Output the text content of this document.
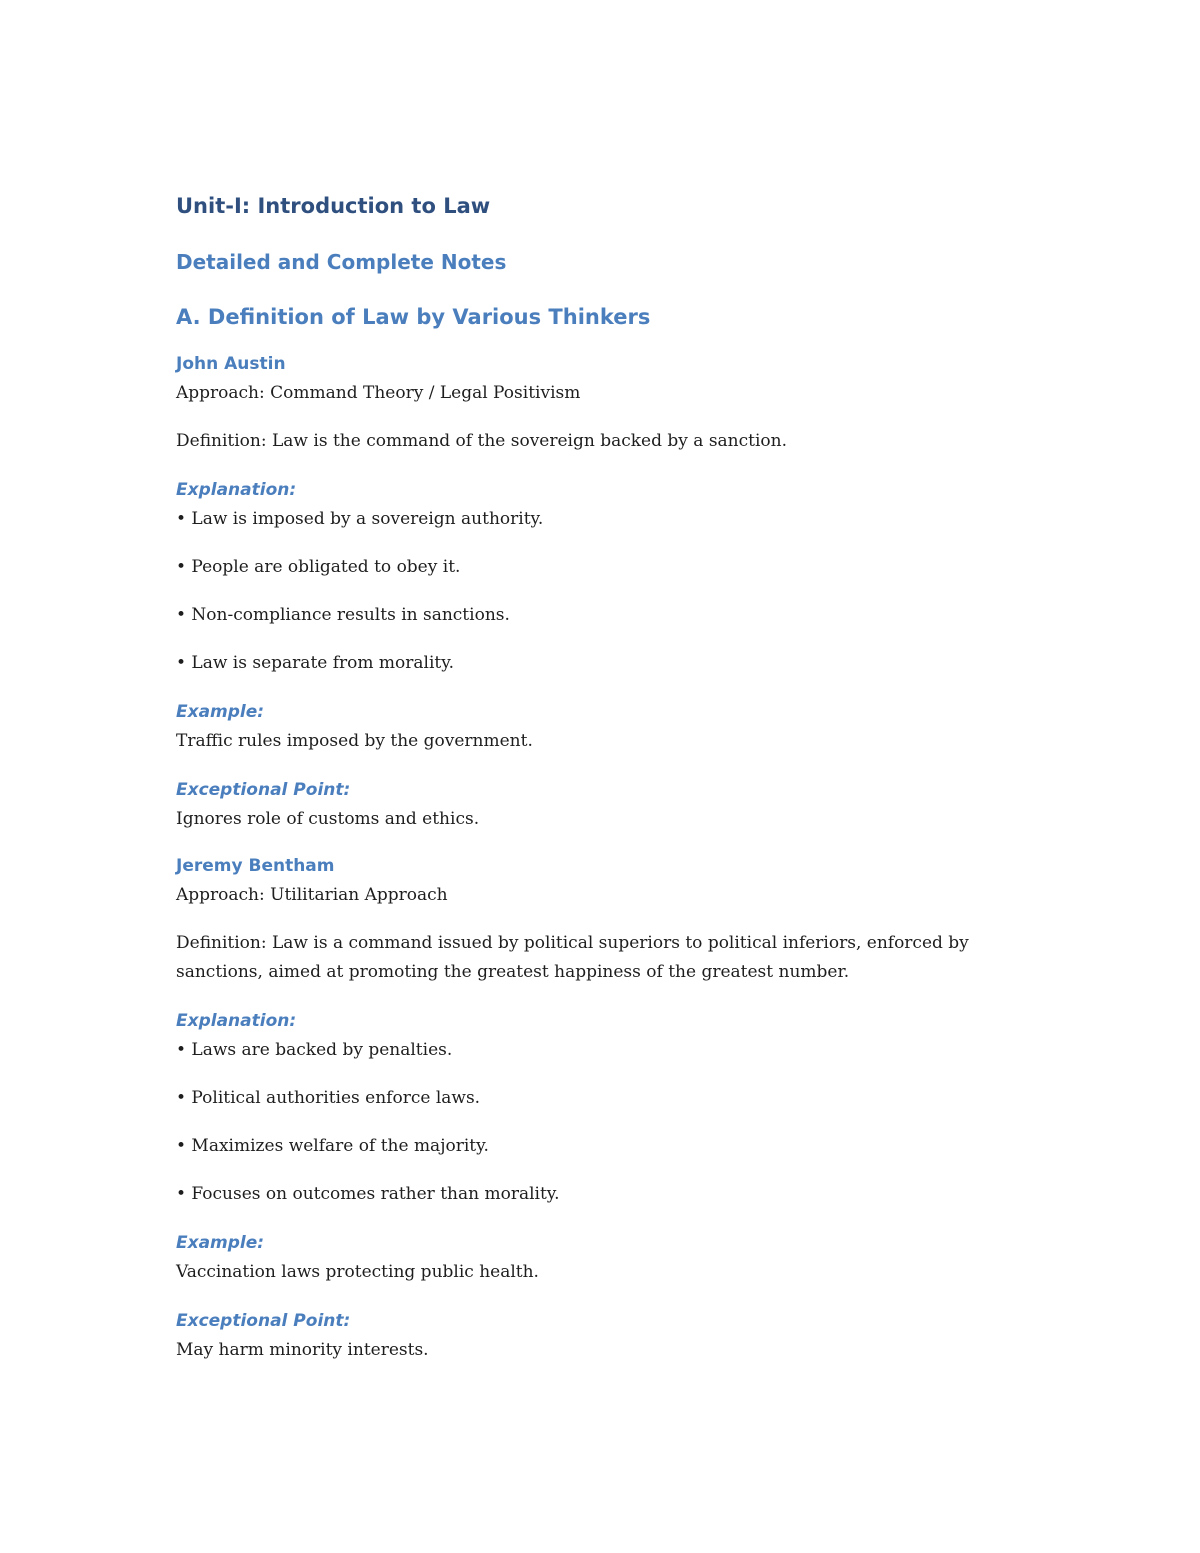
Unit-I: Introduction to Law
Detailed and Complete Notes
A. Definition of Law by Various Thinkers
John Austin

Approach: Command Theory / Legal Positivism

Definition: Law is the command of the sovereign backed by a sanction.

Explanation:

• Law is imposed by a sovereign authority.

• People are obligated to obey it.

• Non-compliance results in sanctions.

• Law is separate from morality.

Example:

Traffic rules imposed by the government.

Exceptional Point:

Ignores role of customs and ethics.

Jeremy Bentham

Approach: Utilitarian Approach

Definition: Law is a command issued by political superiors to political inferiors, enforced by sanctions, aimed at promoting the greatest happiness of the greatest number.

Explanation:

• Laws are backed by penalties.

• Political authorities enforce laws.

• Maximizes welfare of the majority.

• Focuses on outcomes rather than morality.

Example:

Vaccination laws protecting public health.

Exceptional Point:

May harm minority interests.
